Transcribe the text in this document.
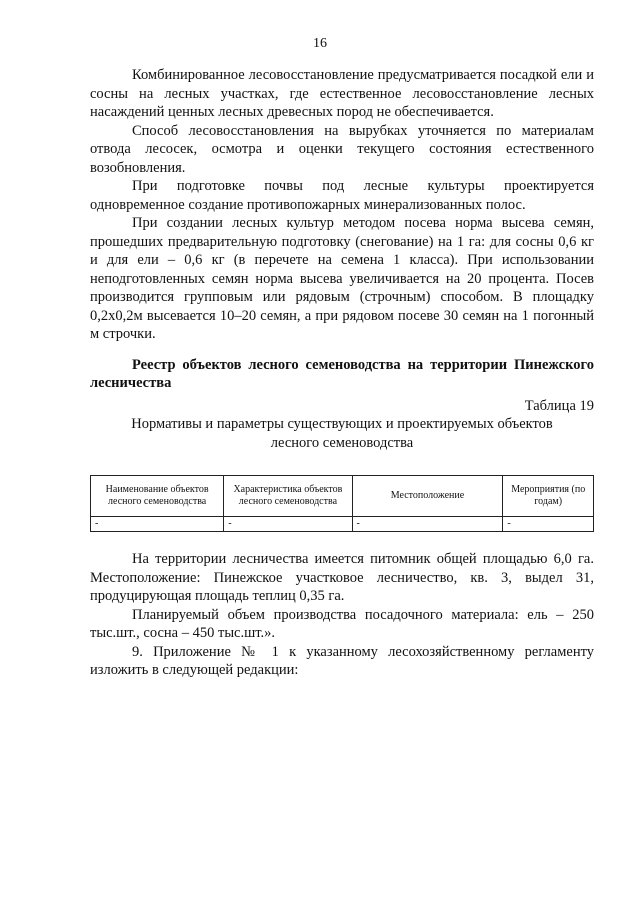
16

Комбинированное лесовосстановление предусматривается посадкой ели и сосны на лесных участках, где естественное лесовосстановление лесных насаждений ценных лесных древесных пород не обеспечивается.

Способ лесовосстановления на вырубках уточняется по материалам отвода лесосек, осмотра и оценки текущего состояния естественного возобновления.

При подготовке почвы под лесные культуры проектируется одновременное создание противопожарных минерализованных полос.

При создании лесных культур методом посева норма высева семян, прошедших предварительную подготовку (снегование) на 1 га: для сосны 0,6 кг и для ели – 0,6 кг (в перечете на семена 1 класса). При использовании неподготовленных семян норма высева увеличивается на 20 процента. Посев производится групповым или рядовым (строчным) способом. В площадку 0,2х0,2м высевается 10–20 семян, а при рядовом посеве 30 семян на 1 погонный м строчки.

Реестр объектов лесного семеноводства на территории Пинежского лесничества

Таблица 19

Нормативы и параметры существующих и проектируемых объектов лесного семеноводства

Наименование объектов лесного семеноводства	Характеристика объектов лесного семеноводства	Местоположение	Мероприятия (по годам)
-	-	-	-

На территории лесничества имеется питомник общей площадью 6,0 га. Местоположение: Пинежское участковое лесничество, кв. 3, выдел 31, продуцирующая площадь теплиц 0,35 га.

Планируемый объем производства посадочного материала: ель – 250 тыс.шт., сосна – 450 тыс.шт.».

9. Приложение № 1 к указанному лесохозяйственному регламенту изложить в следующей редакции:
